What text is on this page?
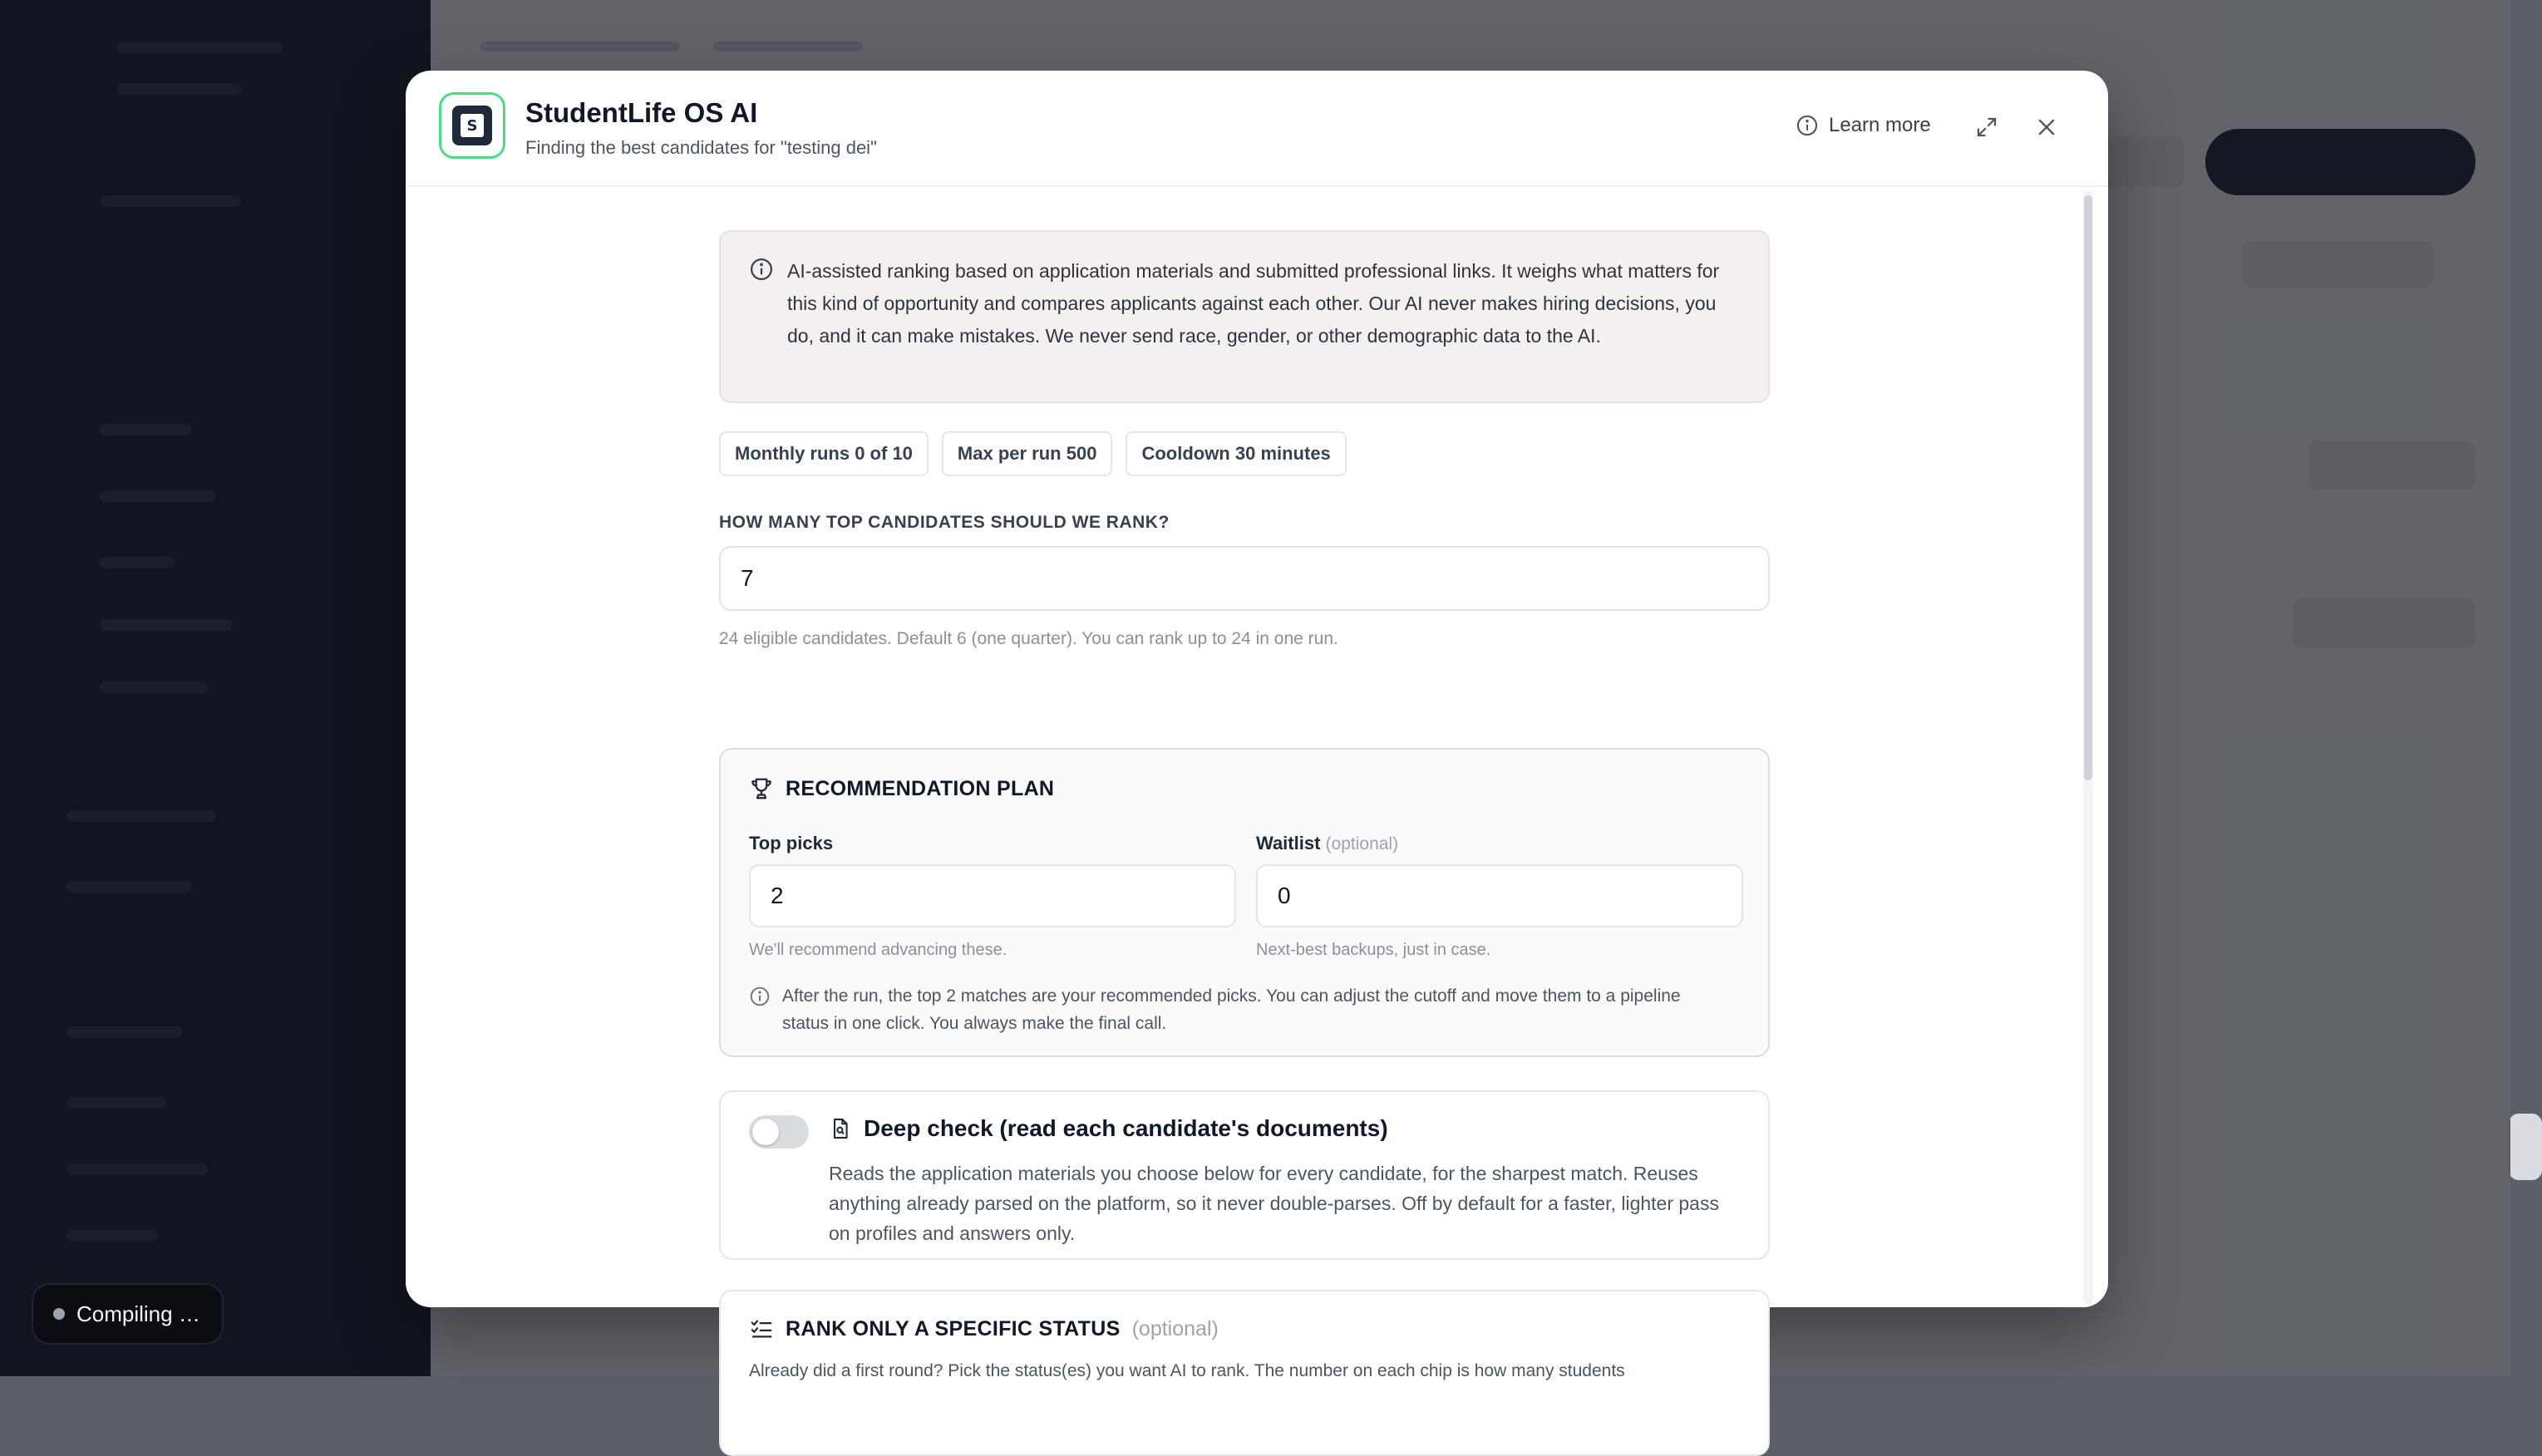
Compiling …
S StudentLife OS AI
Finding the best candidates for "testing dei"
Learn more

AI-assisted ranking based on application materials and submitted professional links. It weighs what matters for this kind of opportunity and compares applicants against each other. Our AI never makes hiring decisions, you do, and it can make mistakes. We never send race, gender, or other demographic data to the AI.

Monthly runs 0 of 10	Max per run 500	Cooldown 30 minutes
HOW MANY TOP CANDIDATES SHOULD WE RANK?
7
24 eligible candidates. Default 6 (one quarter). You can rank up to 24 in one run.
RECOMMENDATION PLAN
Top picks
2
We'll recommend advancing these.
Waitlist (optional)
0
Next-best backups, just in case.

After the run, the top 2 matches are your recommended picks. You can adjust the cutoff and move them to a pipeline status in one click. You always make the final call.

Deep check (read each candidate's documents)
Reads the application materials you choose below for every candidate, for the sharpest match. Reuses anything already parsed on the platform, so it never double-parses. Off by default for a faster, lighter pass on profiles and answers only.
RANK ONLY A SPECIFIC STATUS (optional)
Already did a first round? Pick the status(es) you want AI to rank. The number on each chip is how many students
